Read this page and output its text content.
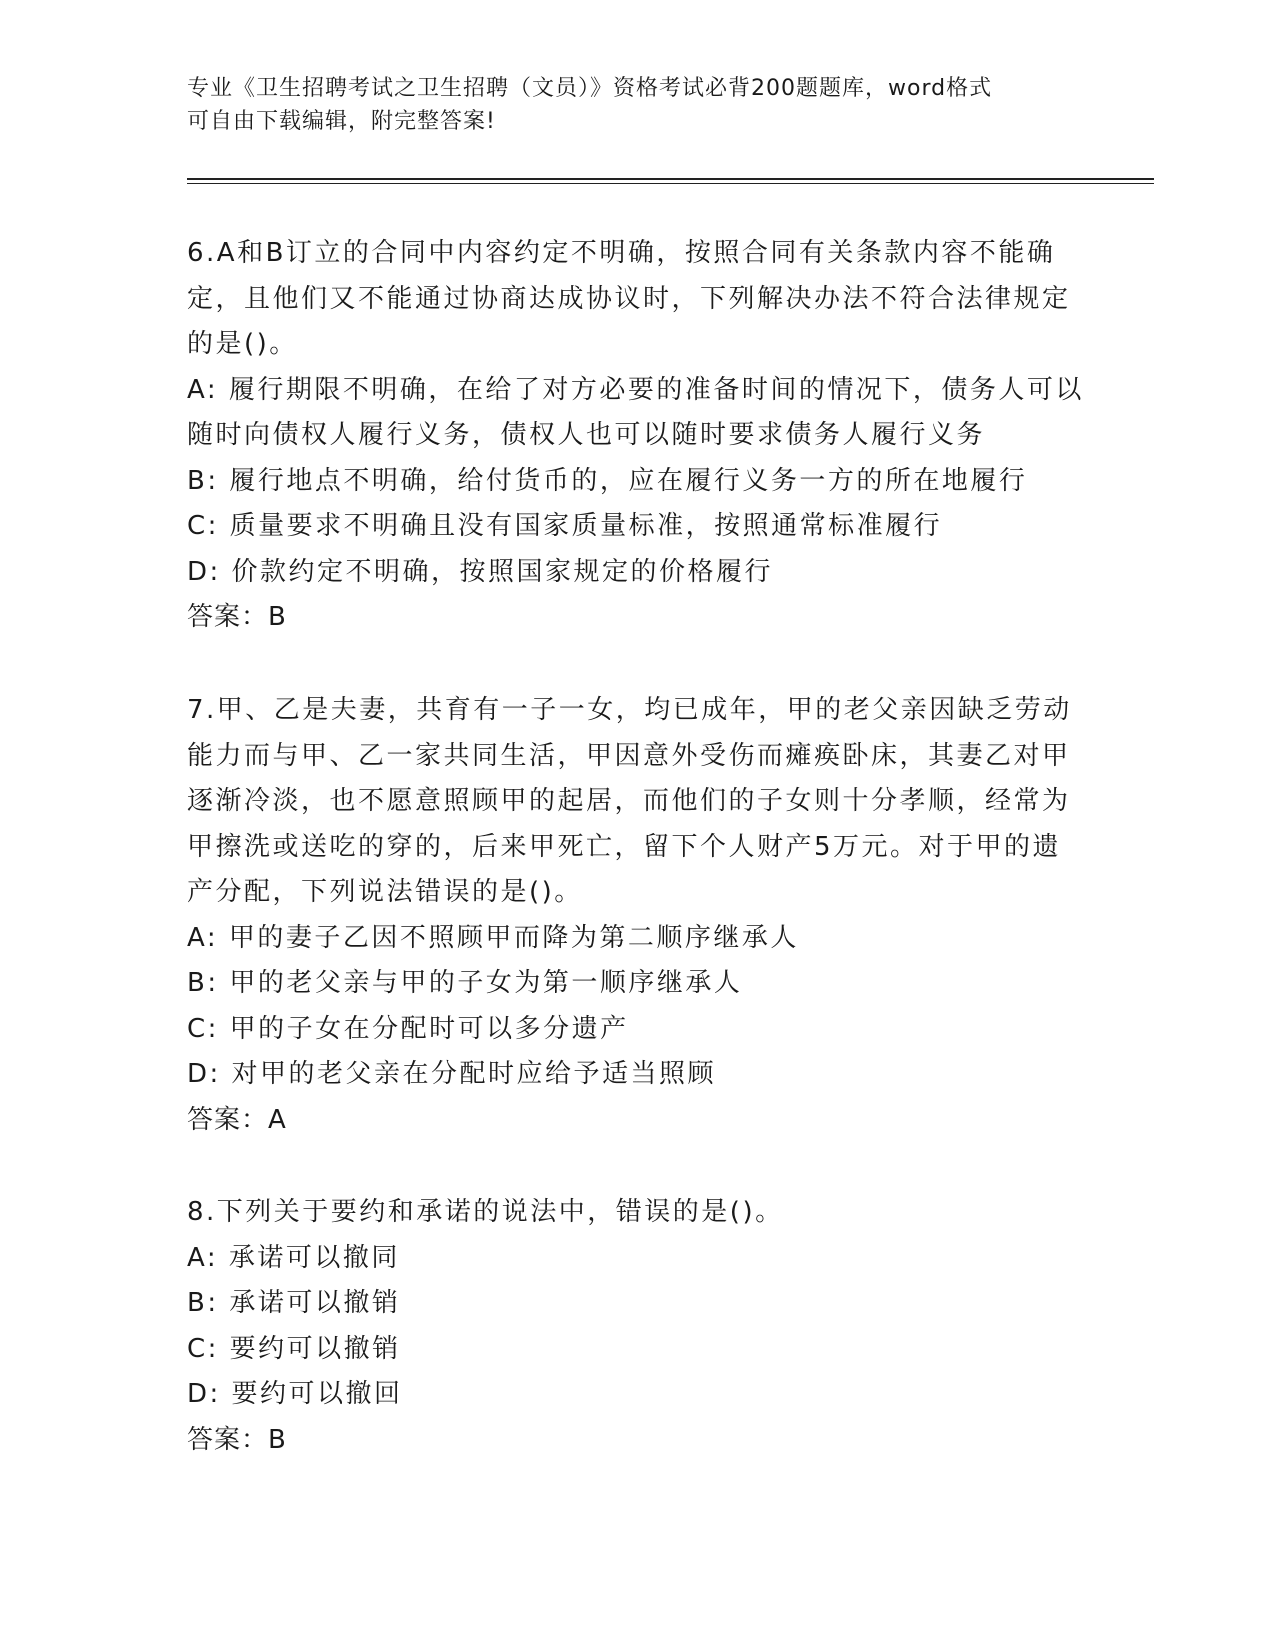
专业《卫生招聘考试之卫生招聘（文员）》资格考试必背200题题库，word格式
可自由下载编辑，附完整答案!

6.A和B订立的合同中内容约定不明确，按照合同有关条款内容不能确定，且他们又不能通过协商达成协议时，下列解决办法不符合法律规定的是()。

A: 履行期限不明确，在给了对方必要的准备时间的情况下，债务人可以随时向债权人履行义务，债权人也可以随时要求债务人履行义务

B: 履行地点不明确，给付货币的，应在履行义务一方的所在地履行

C: 质量要求不明确且没有国家质量标准，按照通常标准履行

D: 价款约定不明确，按照国家规定的价格履行

答案：B

7.甲、乙是夫妻，共育有一子一女，均已成年，甲的老父亲因缺乏劳动能力而与甲、乙一家共同生活，甲因意外受伤而瘫痪卧床，其妻乙对甲逐渐冷淡，也不愿意照顾甲的起居，而他们的子女则十分孝顺，经常为甲擦洗或送吃的穿的，后来甲死亡，留下个人财产5万元。对于甲的遗产分配，下列说法错误的是()。

A: 甲的妻子乙因不照顾甲而降为第二顺序继承人

B: 甲的老父亲与甲的子女为第一顺序继承人

C: 甲的子女在分配时可以多分遗产

D: 对甲的老父亲在分配时应给予适当照顾

答案：A

8.下列关于要约和承诺的说法中，错误的是()。

A: 承诺可以撤同

B: 承诺可以撤销

C: 要约可以撤销

D: 要约可以撤回

答案：B
